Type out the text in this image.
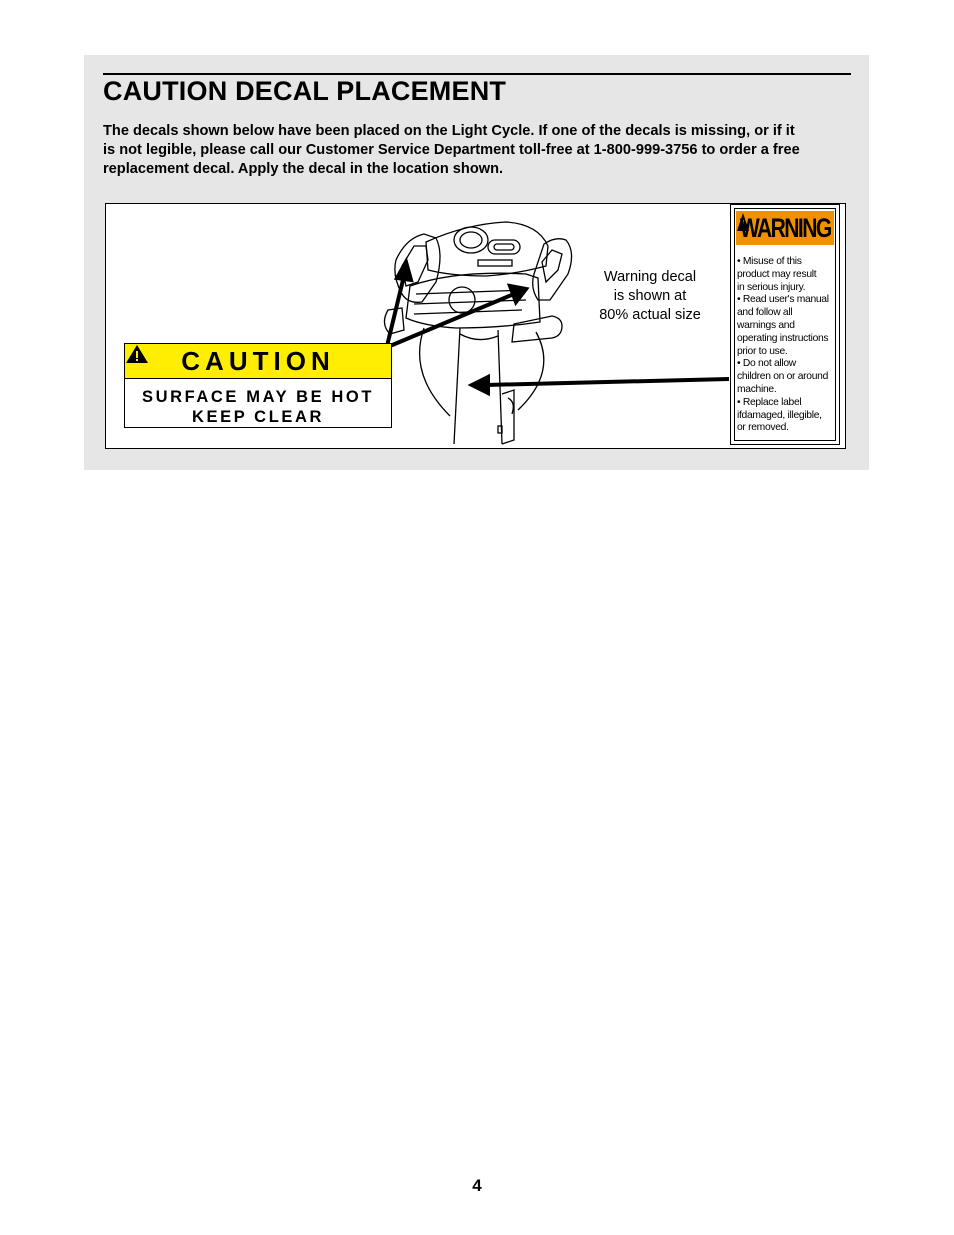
CAUTION DECAL PLACEMENT

The decals shown below have been placed on the Light Cycle. If one of the decals is missing, or if it
is not legible, please call our Customer Service Department toll-free at 1-800-999-3756 to order a free
replacement decal. Apply the decal in the location shown.

CAUTION
SURFACE MAY BE HOT
KEEP CLEAR
Warning decal
is shown at
80% actual size
WARNING
• Misuse of this
product may result
in serious injury.
• Read user's manual
and follow all
warnings and
operating instructions
prior to use.
• Do not allow
children on or around
machine.
• Replace label
ifdamaged, illegible,
or removed.
4
